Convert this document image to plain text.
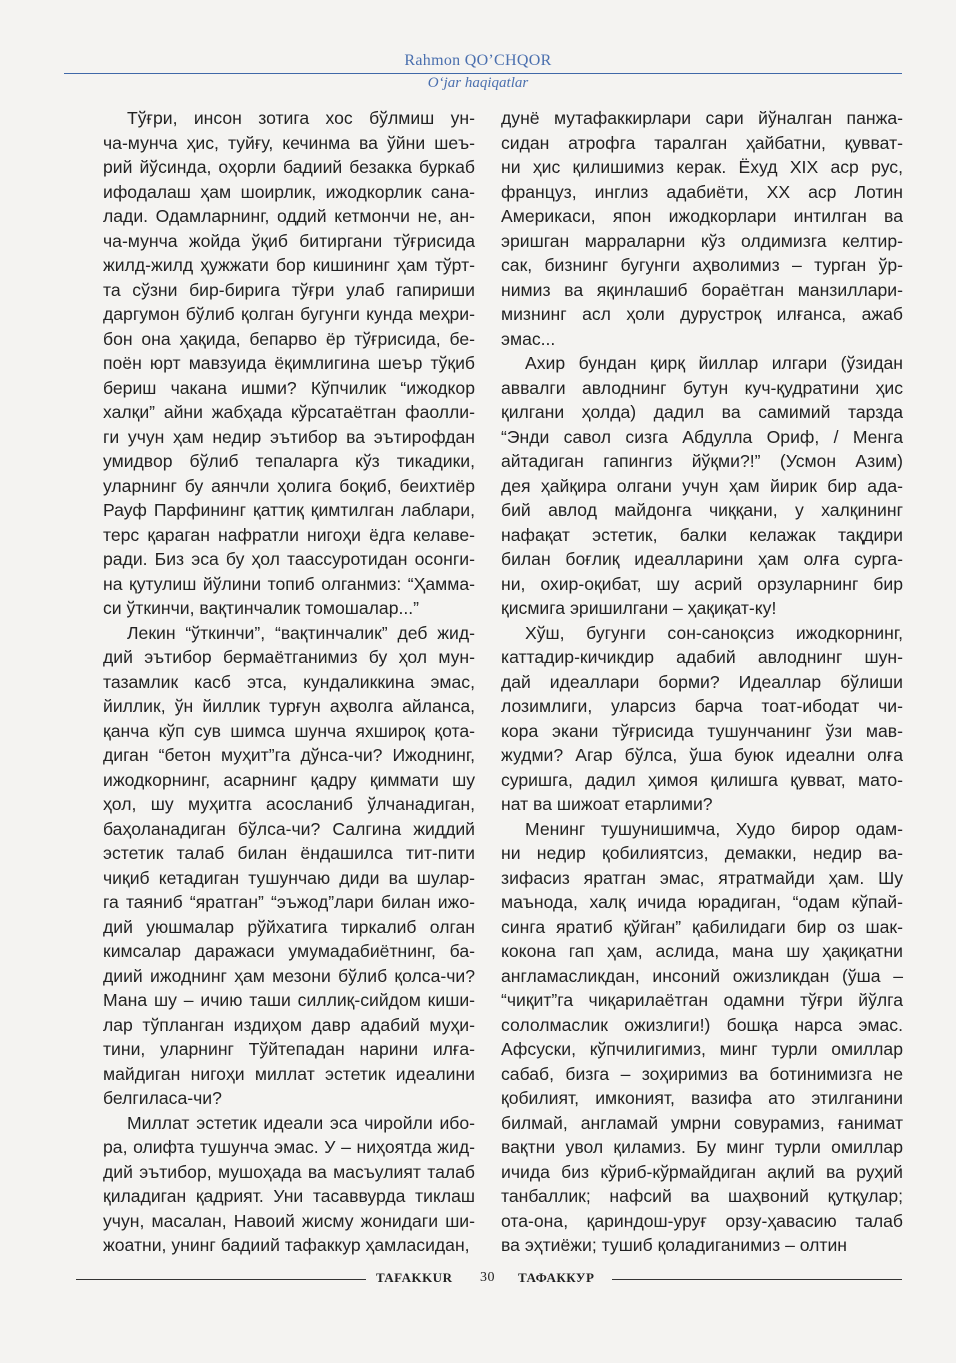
Rahmon QO’CHQOR
O‘jar haqiqatlar

Тўғри, инсон зотига хос бўлмиш ун-
ча-мунча ҳис, туйғу, кечинма ва ўйни шеъ-
рий йўсинда, оҳорли бадиий безакка буркаб
ифодалаш ҳам шоирлик, ижодкорлик сана-
лади. Одамларнинг, оддий кетмончи не, ан-
ча-мунча жойда ўқиб битиргани тўғрисида
жилд-жилд ҳужжати бор кишининг ҳам тўрт-
та сўзни бир-бирига тўғри улаб гапириши
даргумон бўлиб қолган бугунги кунда меҳри-
бон она ҳақида, бепарво ёр тўғрисида, бе-
поён юрт мавзуида ёқимлигина шеър тўқиб
бериш чакана ишми? Кўпчилик “ижодкор
халқи” айни жабҳада кўрсатаётган фаолли-
ги учун ҳам недир эътибор ва эътирофдан
умидвор бўлиб тепаларга кўз тикадики,
уларнинг бу аянчли ҳолига боқиб, беихтиёр
Рауф Парфининг қаттиқ қимтилган лаблари,
терс қараган нафратли нигоҳи ёдга келаве-
ради. Биз эса бу ҳол таассуротидан осонги-
на қутулиш йўлини топиб олганмиз: “Ҳамма-
си ўткинчи, вақтинчалик томошалар...”

Лекин “ўткинчи”, “вақтинчалик” деб жид-
дий эътибор бермаётганимиз бу ҳол мун-
тазамлик касб этса, кундаликкина эмас,
йиллик, ўн йиллик турғун аҳволга айланса,
қанча кўп сув шимса шунча яхшироқ қота-
диган “бетон муҳит”га дўнса-чи? Ижоднинг,
ижодкорнинг, асарнинг қадру қиммати шу
ҳол, шу муҳитга асосланиб ўлчанадиган,
баҳоланадиган бўлса-чи? Салгина жиддий
эстетик талаб билан ёндашилса тит-пити
чиқиб кетадиган тушунчаю диди ва шулар-
га таяниб “яратган” “эъжод”лари билан ижо-
дий уюшмалар рўйхатига тиркалиб олган
кимсалар даражаси умумадабиётнинг, ба-
диий ижоднинг ҳам мезони бўлиб қолса-чи?
Мана шу – ичию таши силлиқ-сийдом киши-
лар тўпланган издиҳом давр адабий муҳи-
тини, уларнинг Тўйтепадан нарини илға-
майдиган нигоҳи миллат эстетик идеалини
белгиласа-чи?

Миллат эстетик идеали эса чиройли ибо-
ра, олифта тушунча эмас. У – ниҳоятда жид-
дий эътибор, мушоҳада ва масъулият талаб
қиладиган қадрият. Уни тасаввурда тиклаш
учун, масалан, Навоий жисму жонидаги ши-
жоатни, унинг бадиий тафаккур ҳамласидан,

дунё мутафаккирлари сари йўналган панжа-
сидан атрофга таралган ҳайбатни, қувват-
ни ҳис қилишимиз керак. Ёхуд ХIХ аср рус,
француз, инглиз адабиёти, ХХ аср Лотин
Америкаси, япон ижодкорлари интилган ва
эришган марраларни кўз олдимизга келтир-
сак, бизнинг бугунги аҳволимиз – турган ўр-
нимиз ва яқинлашиб бораётган манзиллари-
мизнинг асл ҳоли дурустроқ илғанса, ажаб
эмас...

Ахир бундан қирқ йиллар илгари (ўзидан
аввалги авлоднинг бутун куч-қудратини ҳис
қилгани ҳолда) дадил ва самимий тарзда
“Энди савол сизга Абдулла Ориф, / Менга
айтадиган гапингиз йўқми?!” (Усмон Азим)
дея ҳайқира олгани учун ҳам йирик бир ада-
бий авлод майдонга чиққани, у халқининг
нафақат эстетик, балки келажак тақдири
билан боғлиқ идеалларини ҳам олға сурга-
ни, охир-оқибат, шу асрий орзуларнинг бир
қисмига эришилгани – ҳақиқат-ку!

Хўш, бугунги сон-саноқсиз ижодкорнинг,
каттадир-кичикдир адабий авлоднинг шун-
дай идеаллари борми? Идеаллар бўлиши
лозимлиги, уларсиз барча тоат-ибодат чи-
кора экани тўғрисида тушунчанинг ўзи мав-
жудми? Агар бўлса, ўша буюк идеални олға
суришга, дадил ҳимоя қилишга қувват, мато-
нат ва шижоат етарлими?

Менинг тушунишимча, Худо бирор одам-
ни недир қобилиятсиз, демакки, недир ва-
зифасиз яратган эмас, ятратмайди ҳам. Шу
маънода, халқ ичида юрадиган, “одам кўпай-
синга яратиб қўйган” қабилидаги бир оз шак-
кокона гап ҳам, аслида, мана шу ҳақиқатни
англамасликдан, инсоний ожизликдан (ўша –
“чиқит”га чиқарилаётган одамни тўғри йўлга
сололмаслик ожизлиги!) бошқа нарса эмас.
Афсуски, кўпчилигимиз, минг турли омиллар
сабаб, бизга – зоҳиримиз ва ботинимизга не
қобилият, имконият, вазифа ато этилганини
билмай, англамай умрни совурамиз, ғанимат
вақтни увол қиламиз. Бу минг турли омиллар
ичида биз кўриб-кўрмайдиган ақлий ва руҳий
танбаллик; нафсий ва шаҳвоний қутқулар;
ота-она, қариндош-уруғ орзу-ҳавасию талаб
ва эҳтиёжи; тушиб қоладиганимиз – олтин

TAFAKKUR 30 ТАФАККУР
